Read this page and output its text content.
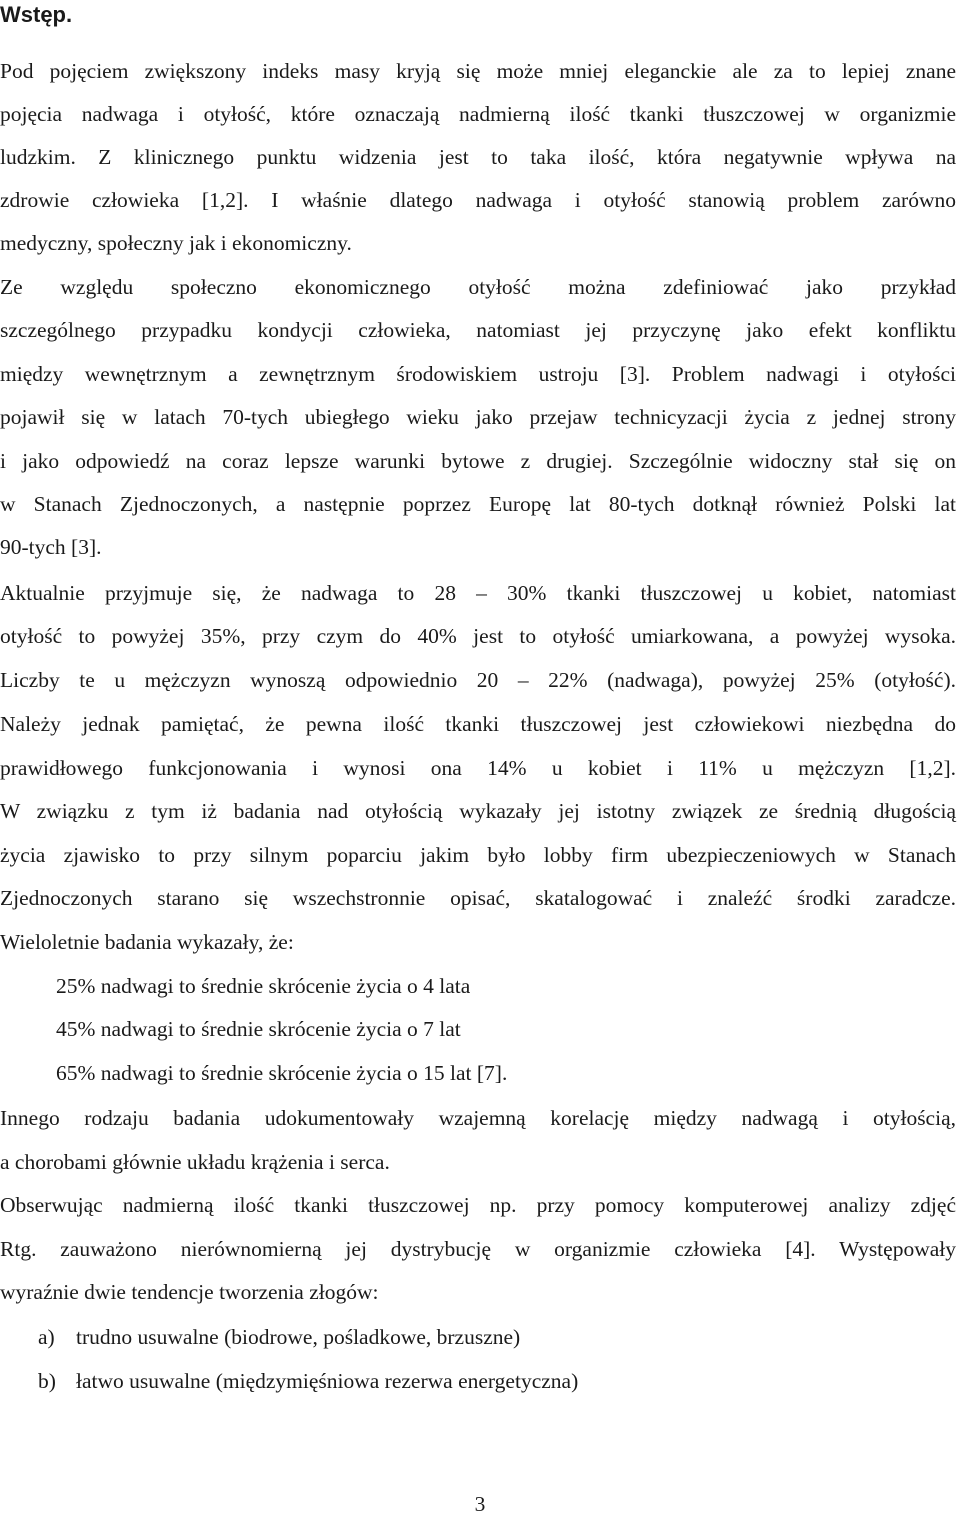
Wstęp.
Pod pojęciem zwiększony indeks masy kryją się może mniej eleganckie ale za to lepiej znane
pojęcia nadwaga i otyłość, które oznaczają nadmierną ilość tkanki tłuszczowej w organizmie
ludzkim. Z klinicznego punktu widzenia jest to taka ilość, która negatywnie wpływa na
zdrowie człowieka [1,2]. I właśnie dlatego nadwaga i otyłość stanowią problem zarówno
medyczny, społeczny jak i ekonomiczny.
Ze względu społeczno ekonomicznego otyłość można zdefiniować jako przykład
szczególnego przypadku kondycji człowieka, natomiast jej przyczynę jako efekt konfliktu
między wewnętrznym a zewnętrznym środowiskiem ustroju [3]. Problem nadwagi i otyłości
pojawił się w latach 70-tych ubiegłego wieku jako przejaw technicyzacji życia z jednej strony
i jako odpowiedź na coraz lepsze warunki bytowe z drugiej. Szczególnie widoczny stał się on
w Stanach Zjednoczonych, a następnie poprzez Europę lat 80-tych dotknął również Polski lat
90-tych [3].
Aktualnie przyjmuje się, że nadwaga to 28 – 30% tkanki tłuszczowej u kobiet, natomiast
otyłość to powyżej 35%, przy czym do 40% jest to otyłość umiarkowana, a powyżej wysoka.
Liczby te u mężczyzn wynoszą odpowiednio 20 – 22% (nadwaga), powyżej 25% (otyłość).
Należy jednak pamiętać, że pewna ilość tkanki tłuszczowej jest człowiekowi niezbędna do
prawidłowego funkcjonowania i wynosi ona 14% u kobiet i 11% u mężczyzn [1,2].
W związku z tym iż badania nad otyłością wykazały jej istotny związek ze średnią długością
życia zjawisko to przy silnym poparciu jakim było lobby firm ubezpieczeniowych w Stanach
Zjednoczonych starano się wszechstronnie opisać, skatalogować i znaleźć środki zaradcze.
Wieloletnie badania wykazały, że:
25% nadwagi to średnie skrócenie życia o 4 lata
45% nadwagi to średnie skrócenie życia o 7 lat
65% nadwagi to średnie skrócenie życia o 15 lat [7].
Innego rodzaju badania udokumentowały wzajemną korelację między nadwagą i otyłością,
a chorobami głównie układu krążenia i serca.
Obserwując nadmierną ilość tkanki tłuszczowej np. przy pomocy komputerowej analizy zdjęć
Rtg. zauważono nierównomierną jej dystrybucję w organizmie człowieka [4]. Występowały
wyraźnie dwie tendencje tworzenia złogów:
a) trudno usuwalne (biodrowe, pośladkowe, brzuszne)
b) łatwo usuwalne (międzymięśniowa rezerwa energetyczna)
3
